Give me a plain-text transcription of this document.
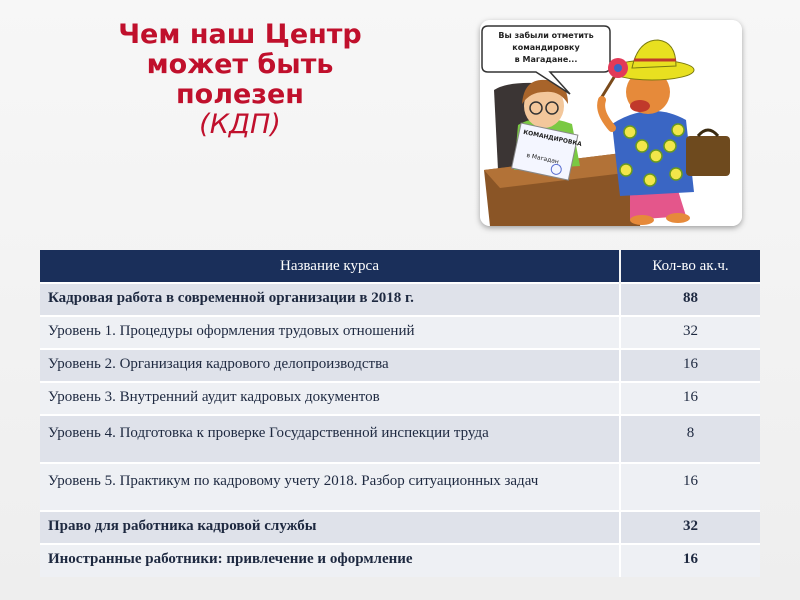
Чем наш Центр
может быть
полезен
(КДП)	КОМАНДИРОВКА
в Магадан
Вы забыли отметить
командировку
в Магадане...
Название курса	Кол-во ак.ч.
Кадровая работа в современной организации в 2018 г.	88
Уровень 1. Процедуры оформления трудовых отношений	32
Уровень 2. Организация кадрового делопроизводства	16
Уровень 3. Внутренний аудит кадровых документов	16
Уровень 4. Подготовка к проверке Государственной инспекции труда	8
Уровень 5. Практикум по кадровому учету 2018. Разбор ситуационных задач	16
Право для работника кадровой службы	32
Иностранные работники: привлечение и оформление	16
